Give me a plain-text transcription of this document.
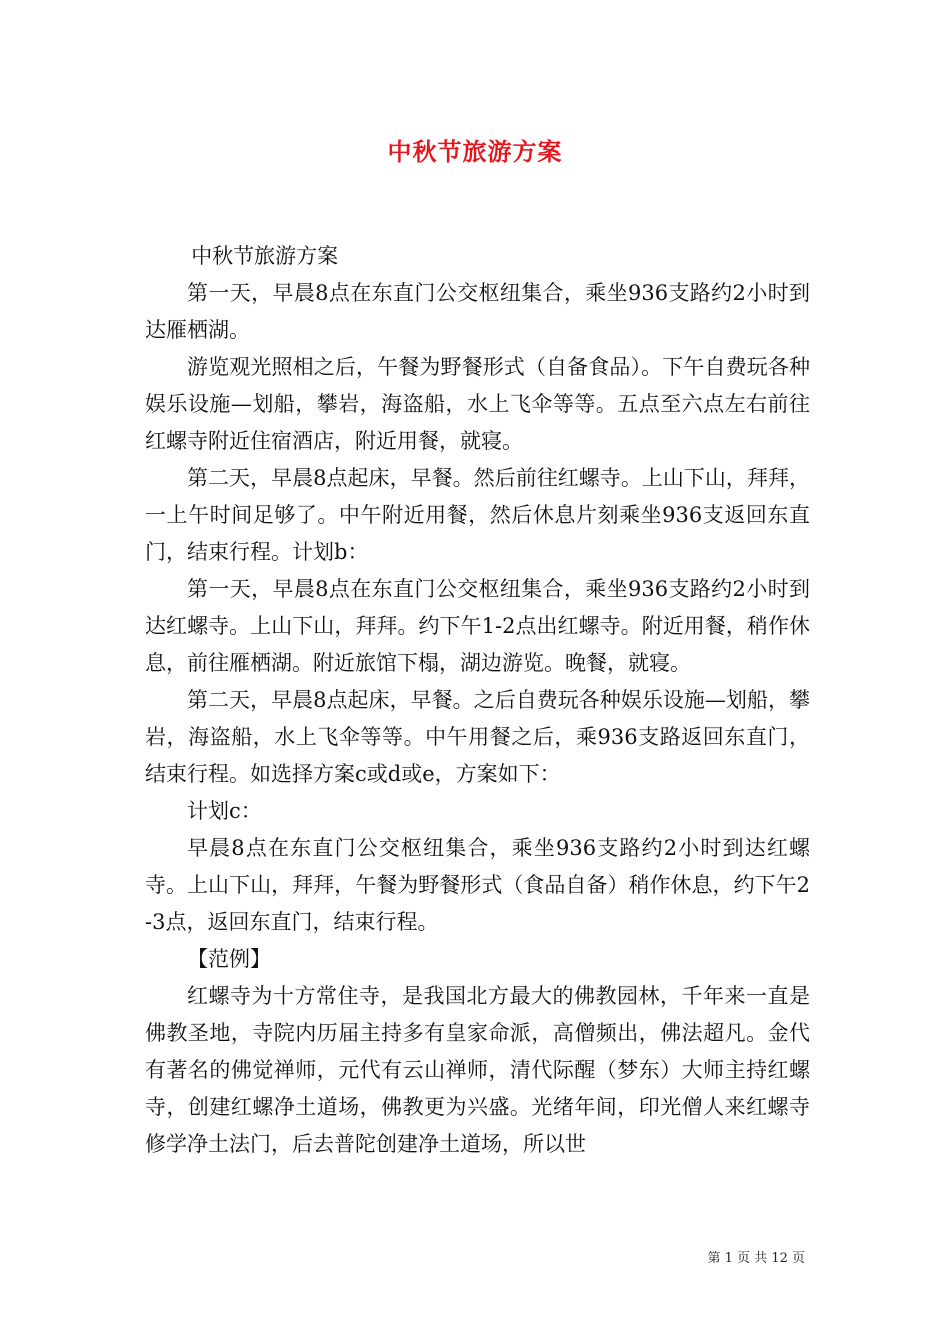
中秋节旅游方案

中秋节旅游方案

第一天，早晨8点在东直门公交枢纽集合，乘坐936支路约2小时到达雁栖湖。

游览观光照相之后，午餐为野餐形式（自备食品）。下午自费玩各种娱乐设施—划船，攀岩，海盗船，水上飞伞等等。五点至六点左右前往红螺寺附近住宿酒店，附近用餐，就寝。

第二天，早晨8点起床，早餐。然后前往红螺寺。上山下山，拜拜，一上午时间足够了。中午附近用餐，然后休息片刻乘坐936支返回东直门，结束行程。计划b：

第一天，早晨8点在东直门公交枢纽集合，乘坐936支路约2小时到达红螺寺。上山下山，拜拜。约下午1-2点出红螺寺。附近用餐，稍作休息，前往雁栖湖。附近旅馆下榻，湖边游览。晚餐，就寝。

第二天，早晨8点起床，早餐。之后自费玩各种娱乐设施—划船，攀岩，海盗船，水上飞伞等等。中午用餐之后，乘936支路返回东直门，结束行程。如选择方案c或d或e，方案如下：

计划c：

早晨8点在东直门公交枢纽集合，乘坐936支路约2小时到达红螺寺。上山下山，拜拜，午餐为野餐形式（食品自备）稍作休息，约下午2-3点，返回东直门，结束行程。

【范例】

红螺寺为十方常住寺，是我国北方最大的佛教园林，千年来一直是佛教圣地，寺院内历届主持多有皇家命派，高僧频出，佛法超凡。金代有著名的佛觉禅师，元代有云山禅师，清代际醒（梦东）大师主持红螺寺，创建红螺净土道场，佛教更为兴盛。光绪年间，印光僧人来红螺寺修学净土法门，后去普陀创建净土道场，所以世

第 1 页 共 12 页
